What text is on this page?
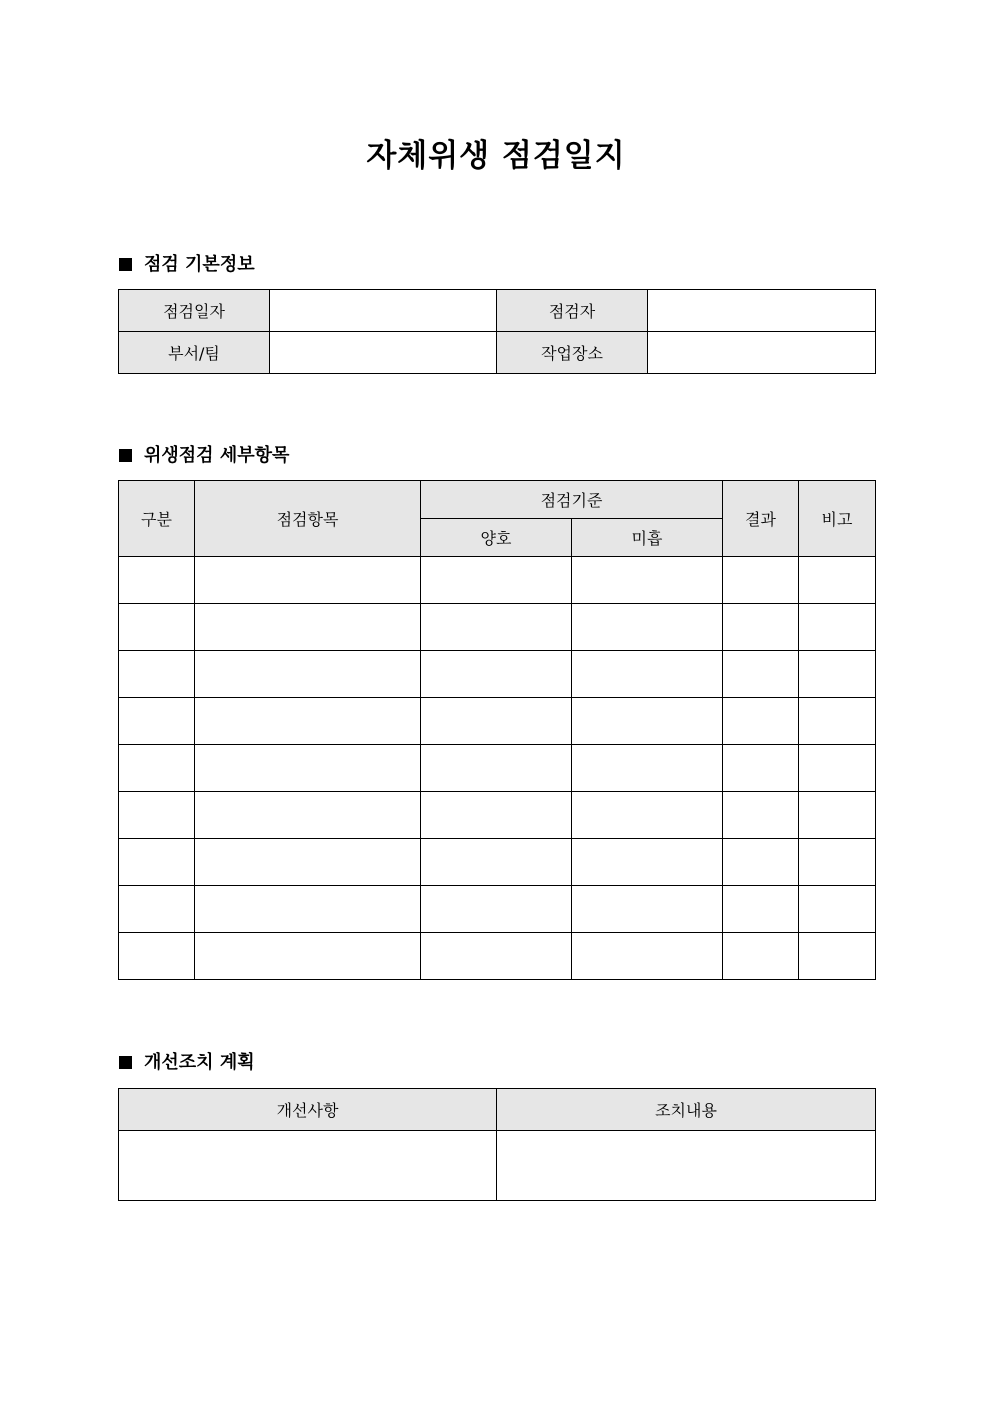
자체위생 점검일지
점검 기본정보
점검일자		점검자	
부서/팀		작업장소	
위생점검 세부항목
구분	점검항목	점검기준		결과	비고
		양호	미흡		

개선조치 계획
개선사항	조치내용
